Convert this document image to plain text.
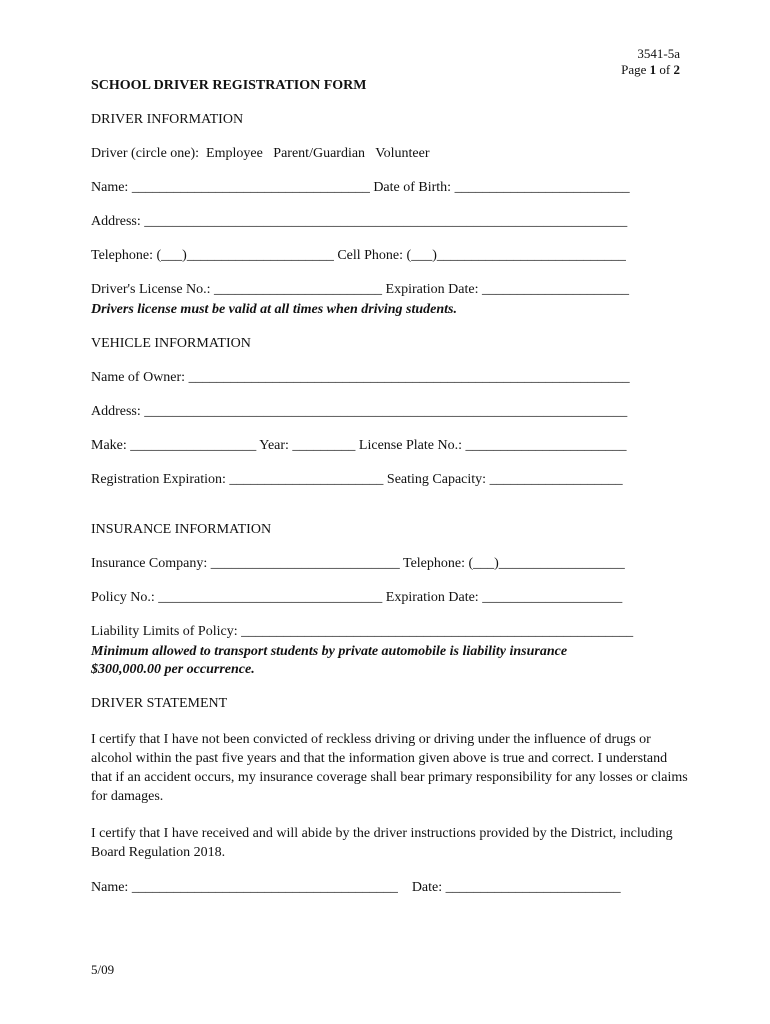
3541-5a
Page 1 of 2
SCHOOL DRIVER REGISTRATION FORM
DRIVER INFORMATION
Driver (circle one):  Employee   Parent/Guardian   Volunteer
Name: __________________________________ Date of Birth: _________________________
Address: _____________________________________________________________________
Telephone: (___)_____________________ Cell Phone: (___)___________________________
Driver's License No.: ________________________ Expiration Date: _____________________
Drivers license must be valid at all times when driving students.
VEHICLE INFORMATION
Name of Owner: _______________________________________________________________
Address: _____________________________________________________________________
Make: __________________ Year: _________ License Plate No.: _______________________
Registration Expiration: ______________________ Seating Capacity: ___________________
INSURANCE INFORMATION
Insurance Company: ___________________________ Telephone: (___)__________________
Policy No.: ________________________________ Expiration Date: ____________________
Liability Limits of Policy: ________________________________________________________
Minimum allowed to transport students by private automobile is liability insurance
$300,000.00 per occurrence.
DRIVER STATEMENT
I certify that I have not been convicted of reckless driving or driving under the influence of drugs or alcohol within the past five years and that the information given above is true and correct. I understand that if an accident occurs, my insurance coverage shall bear primary responsibility for any losses or claims for damages.
I certify that I have received and will abide by the driver instructions provided by the District, including Board Regulation 2018.
Name: ______________________________________    Date: _________________________
5/09
